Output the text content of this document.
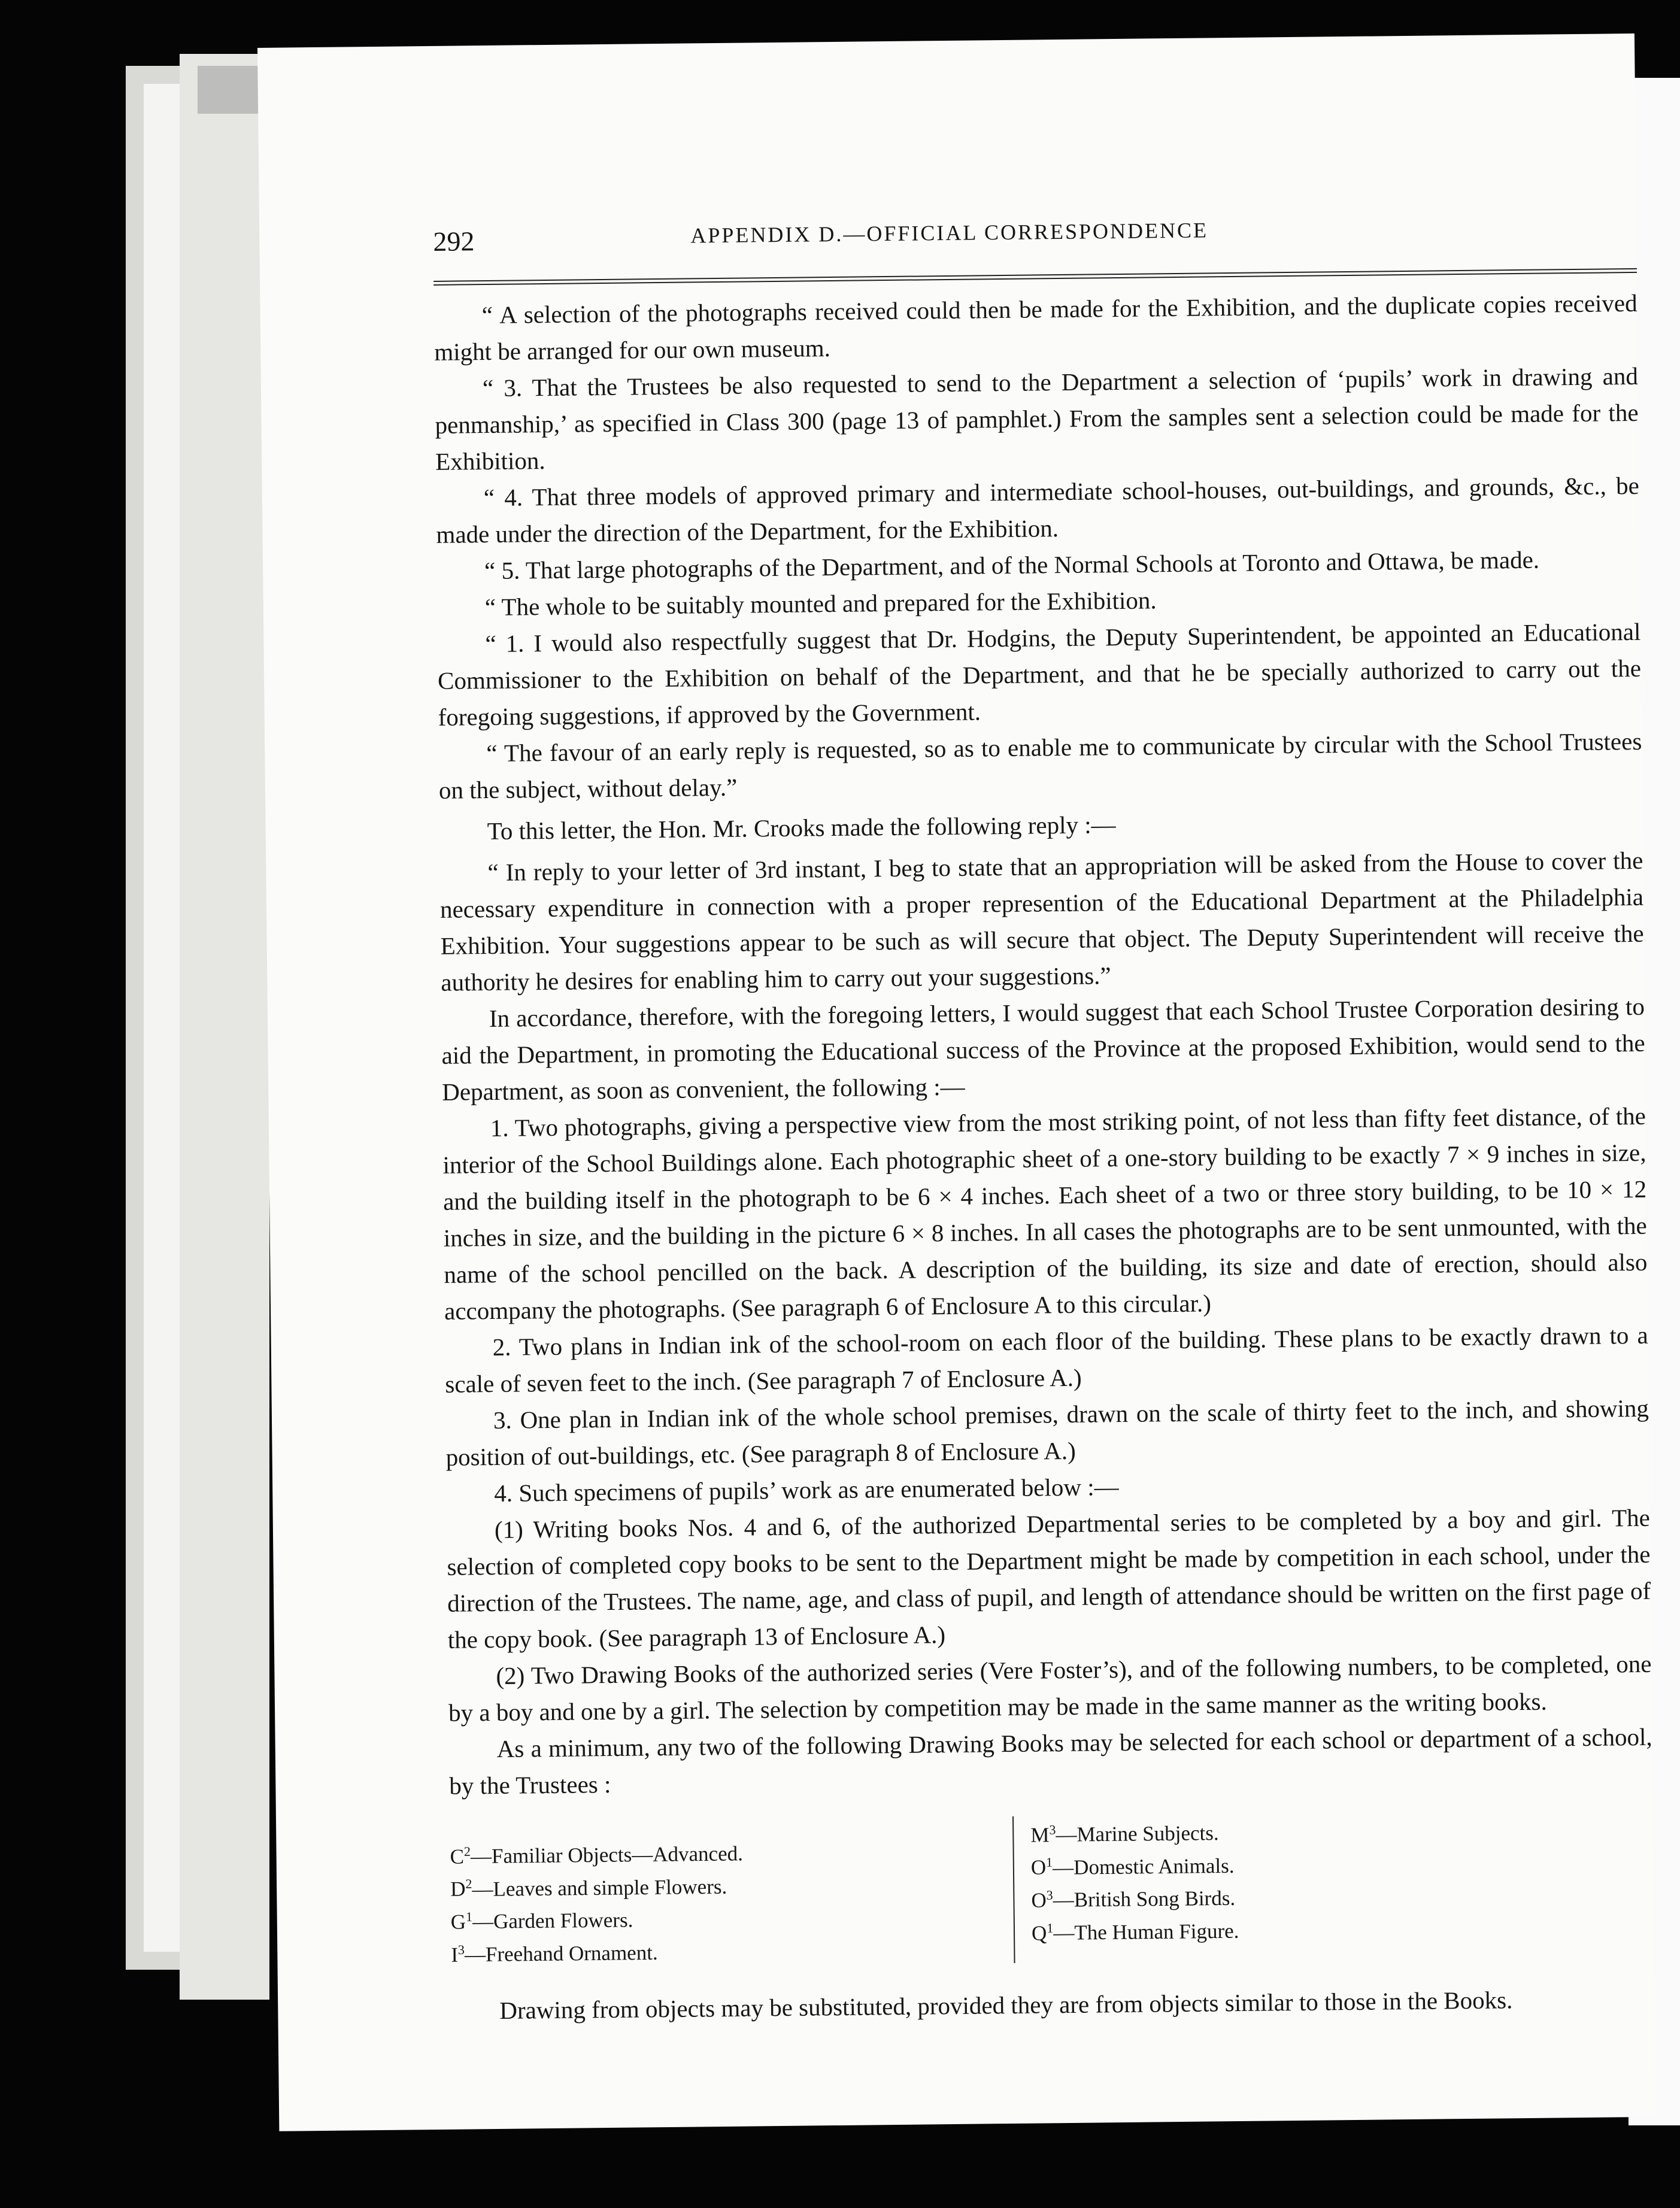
292	APPENDIX D.—OFFICIAL CORRESPONDENCE

“ A selection of the photographs received could then be made for the Exhibition, and the duplicate copies received might be arranged for our own museum.

“ 3. That the Trustees be also requested to send to the Department a selection of ‘pupils’ work in drawing and penmanship,’ as specified in Class 300 (page 13 of pamphlet.) From the samples sent a selection could be made for the Exhibition.

“ 4. That three models of approved primary and intermediate school-houses, out-buildings, and grounds, &c., be made under the direction of the Department, for the Exhibition.

“ 5. That large photographs of the Department, and of the Normal Schools at Toronto and Ottawa, be made.

“ The whole to be suitably mounted and prepared for the Exhibition.

“ 1. I would also respectfully suggest that Dr. Hodgins, the Deputy Superintendent, be appointed an Educational Commissioner to the Exhibition on behalf of the Department, and that he be specially authorized to carry out the foregoing suggestions, if approved by the Government.

“ The favour of an early reply is requested, so as to enable me to communicate by circular with the School Trustees on the subject, without delay.”

To this letter, the Hon. Mr. Crooks made the following reply :—

“ In reply to your letter of 3rd instant, I beg to state that an appropriation will be asked from the House to cover the necessary expenditure in connection with a proper represention of the Educational Department at the Philadelphia Exhibition. Your suggestions appear to be such as will secure that object. The Deputy Superintendent will receive the authority he desires for enabling him to carry out your suggestions.”

In accordance, therefore, with the foregoing letters, I would suggest that each School Trustee Corporation desiring to aid the Department, in promoting the Educational success of the Province at the proposed Exhibition, would send to the Department, as soon as convenient, the following :—

1. Two photographs, giving a perspective view from the most striking point, of not less than fifty feet distance, of the interior of the School Buildings alone. Each photographic sheet of a one-story building to be exactly 7 × 9 inches in size, and the building itself in the photograph to be 6 × 4 inches. Each sheet of a two or three story building, to be 10 × 12 inches in size, and the building in the picture 6 × 8 inches. In all cases the photographs are to be sent unmounted, with the name of the school pencilled on the back. A description of the building, its size and date of erection, should also accompany the photographs. (See paragraph 6 of Enclosure A to this circular.)

2. Two plans in Indian ink of the school-room on each floor of the building. These plans to be exactly drawn to a scale of seven feet to the inch. (See paragraph 7 of Enclosure A.)

3. One plan in Indian ink of the whole school premises, drawn on the scale of thirty feet to the inch, and showing position of out-buildings, etc. (See paragraph 8 of Enclosure A.)

4. Such specimens of pupils’ work as are enumerated below :—

(1) Writing books Nos. 4 and 6, of the authorized Departmental series to be completed by a boy and girl. The selection of completed copy books to be sent to the Department might be made by competition in each school, under the direction of the Trustees. The name, age, and class of pupil, and length of attendance should be written on the first page of the copy book. (See paragraph 13 of Enclosure A.)

(2) Two Drawing Books of the authorized series (Vere Foster’s), and of the following numbers, to be completed, one by a boy and one by a girl. The selection by competition may be made in the same manner as the writing books.

As a minimum, any two of the following Drawing Books may be selected for each school or department of a school, by the Trustees :

$C^2—Familiar$ Objects—Advanced.
$D^2—Leaves$ and simple Flowers.
$G^1—Garden$ Flowers.
$I^3—Freehand$ Ornament.
$M^3—Marine$ Subjects.
$O^1—Domestic$ Animals.
$O^3—British$ Song Birds.
$Q^1—The$ Human Figure.

Drawing from objects may be substituted, provided they are from objects similar to those in the Books.
